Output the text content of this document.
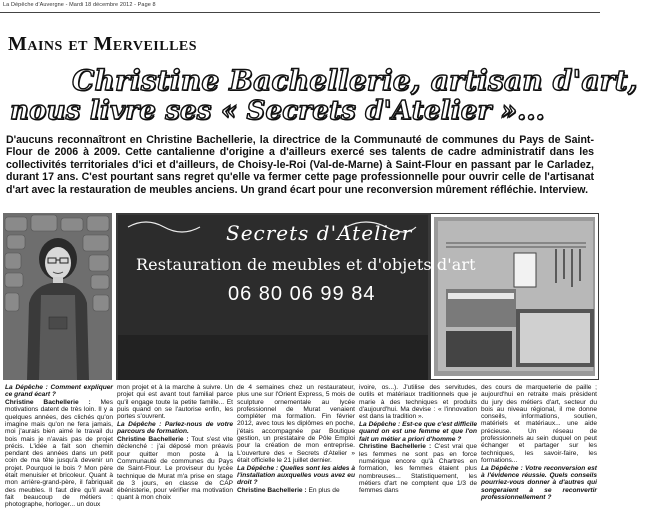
La Dépêche d'Auvergne - Mardi 18 décembre 2012 - Page 8
Mains et Merveilles
Christine Bachellerie, artisan d'art,
nous livre ses « Secrets d'Atelier »...
D'aucuns reconnaîtront en Christine Bachellerie, la directrice de la Communauté de communes du Pays de Saint-Flour de 2006 à 2009. Cette cantalienne d'origine a d'ailleurs exercé ses talents de cadre administratif dans les collectivités territoriales d'ici et d'ailleurs, de Choisy-le-Roi (Val-de-Marne) à Saint-Flour en passant par le Carladez, durant 17 ans. C'est pourtant sans regret qu'elle va fermer cette page professionnelle pour ouvrir celle de l'artisanat d'art avec la restauration de meubles anciens. Un grand écart pour une reconversion mûrement réfléchie. Interview.
Secrets d'Atelier
Restauration de meubles et d'objets d'art
06 80 06 99 84

La Dépêche : Comment expliquer ce grand écart ?

Christine Bachellerie : Mes motivations datent de très loin. Il y a quelques années, des clichés qu'on imagine mais qu'on ne fera jamais, moi j'aurais bien aimé le travail du bois mais je n'avais pas de projet précis. L'idée a fait son chemin pendant des années dans un petit coin de ma tête jusqu'à devenir un projet. Pourquoi le bois ? Mon père était menuisier et bricoleur. Quant à mon arrière-grand-père, il fabriquait des meubles. Il faut dire qu'il avait fait beaucoup de métiers : photographe, horloger... un doux

mon projet et à la marche à suivre. Un projet qui est avant tout familial parce qu'il engage toute la petite famille... Et puis quand on se l'autorise enfin, les portes s'ouvrent.

La Dépêche : Parlez-nous de votre parcours de formation.

Christine Bachellerie : Tout s'est vite déclenché : j'ai déposé mon préavis pour quitter mon poste à la Communauté de communes du Pays de Saint-Flour. Le proviseur du lycée technique de Murat m'a prise en stage de 3 jours, en classe de CAP ébénisterie, pour vérifier ma motivation quant à mon choix

de 4 semaines chez un restaurateur, plus une sur l'Orient Express, 5 mois de sculpture ornementale au lycée professionnel de Murat venaient compléter ma formation. Fin février 2012, avec tous les diplômes en poche, j'étais accompagnée par Boutique gestion, un prestataire de Pôle Emploi pour la création de mon entreprise. L'ouverture des « Secrets d'Atelier » était officielle le 21 juillet dernier.

La Dépêche : Quelles sont les aides à l'installation auxquelles vous avez eu droit ?

Christine Bachellerie : En plus de

ivoire, os...). J'utilise des servitudes, outils et matériaux traditionnels que je marie à des techniques et produits d'aujourd'hui. Ma devise : « l'innovation est dans la tradition ».

La Dépêche : Est-ce que c'est difficile quand on est une femme et que l'on fait un métier a priori d'homme ?

Christine Bachellerie : C'est vrai que les femmes ne sont pas en force numérique encore qu'à Chartres en formation, les femmes étaient plus nombreuses... Statistiquement, les métiers d'art ne comptent que 1/3 de femmes dans

des cours de marqueterie de paille ; aujourd'hui en retraite mais président du jury des métiers d'art, secteur du bois au niveau régional, il me donne conseils, informations, soutien, matériels et matériaux... une aide précieuse. Un réseau de professionnels au sein duquel on peut échanger et partager sur les techniques, les savoir-faire, les formations...

La Dépêche : Votre reconversion est à l'évidence réussie. Quels conseils pourriez-vous donner à d'autres qui songeraient à se reconvertir professionnellement ?
